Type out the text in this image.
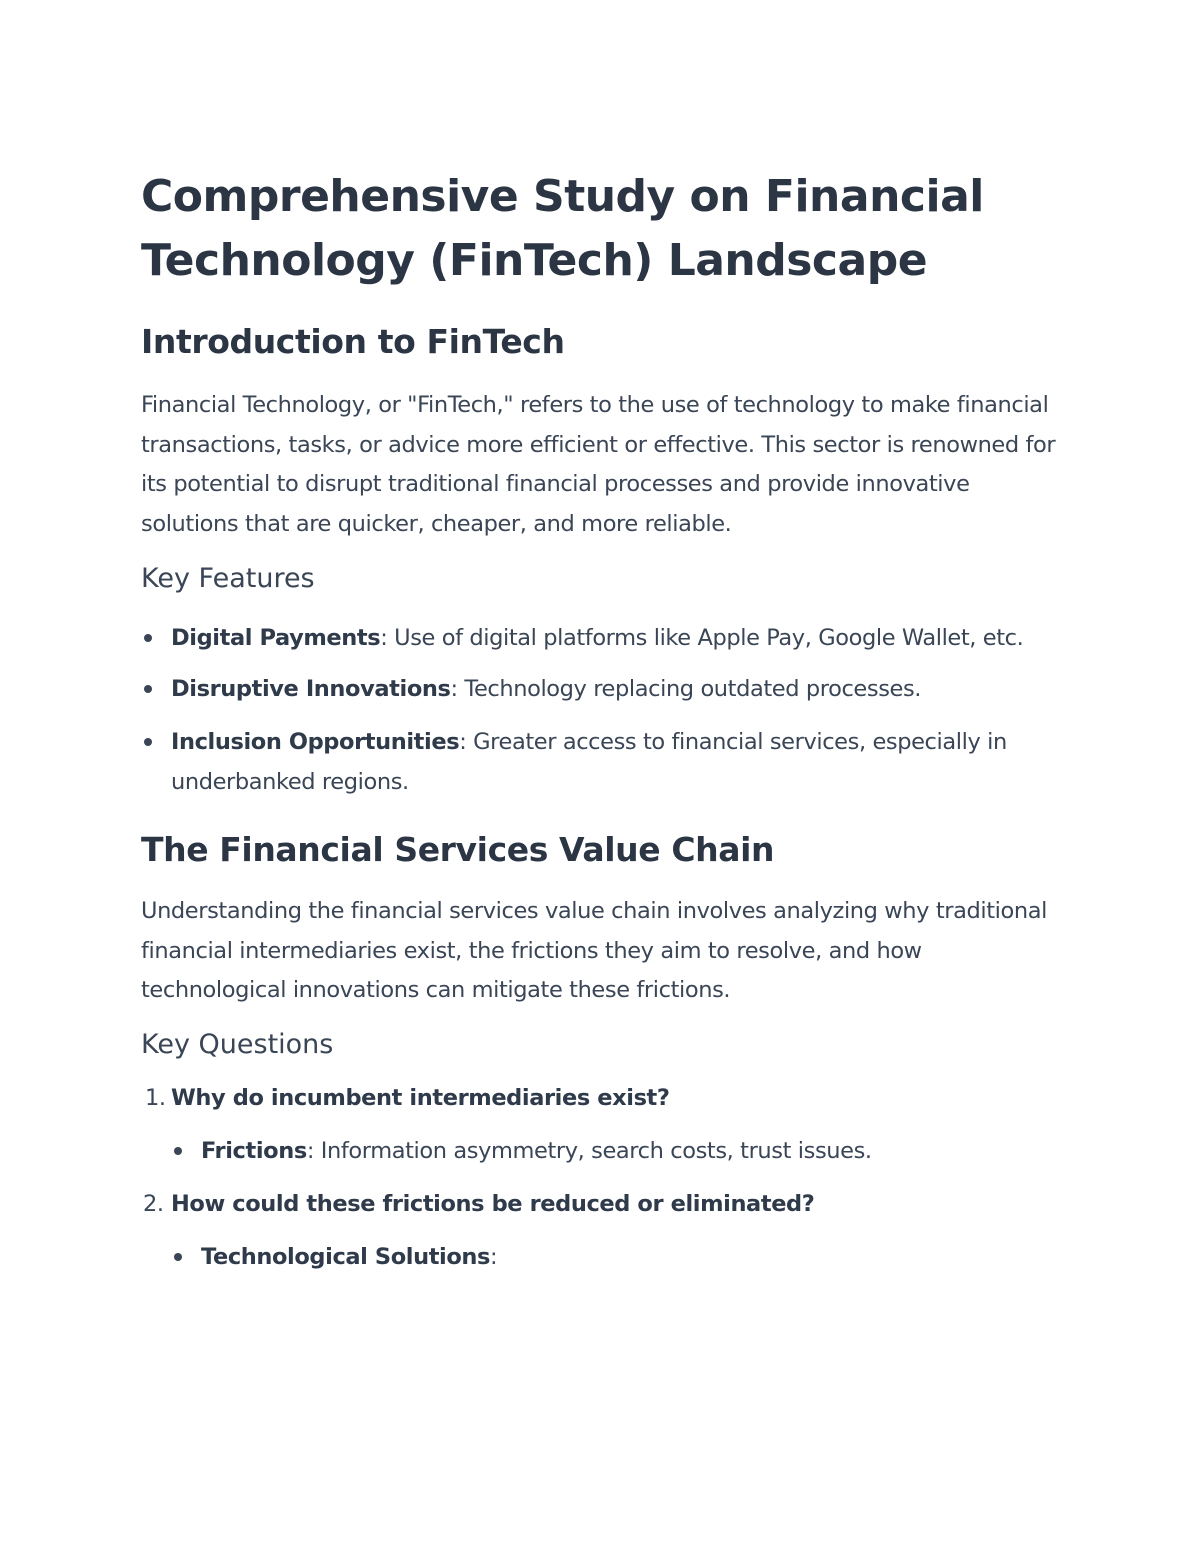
Comprehensive Study on Financial Technology (FinTech) Landscape
Introduction to FinTech

Financial Technology, or "FinTech," refers to the use of technology to make financial transactions, tasks, or advice more efficient or effective. This sector is renowned for its potential to disrupt traditional financial processes and provide innovative solutions that are quicker, cheaper, and more reliable.

Key Features
Digital Payments: Use of digital platforms like Apple Pay, Google Wallet, etc.
Disruptive Innovations: Technology replacing outdated processes.
Inclusion Opportunities: Greater access to financial services, especially in underbanked regions.
The Financial Services Value Chain

Understanding the financial services value chain involves analyzing why traditional financial intermediaries exist, the frictions they aim to resolve, and how technological innovations can mitigate these frictions.

Key Questions
1. Why do incumbent intermediaries exist?
Frictions: Information asymmetry, search costs, trust issues.
2. How could these frictions be reduced or eliminated?
Technological Solutions:
